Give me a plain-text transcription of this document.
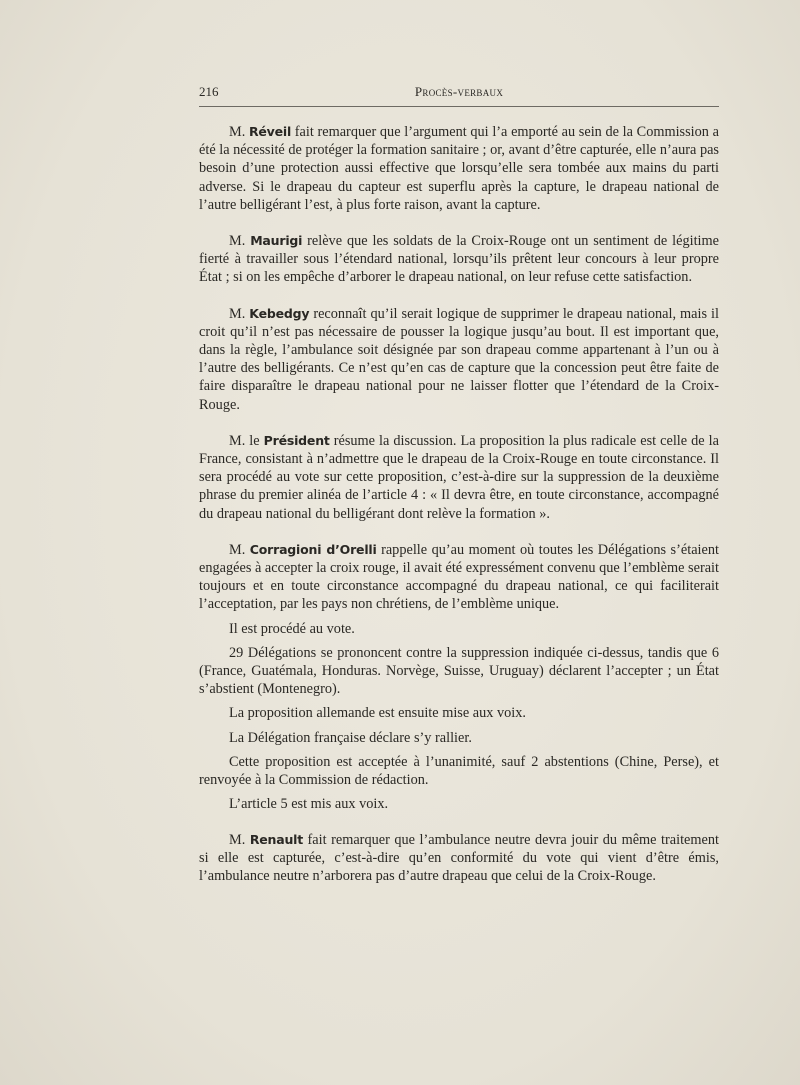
216	Procès-verbaux

M. Réveil fait remarquer que l’argument qui l’a emporté au sein de la Commission a été la nécessité de protéger la formation sanitaire ; or, avant d’être capturée, elle n’aura pas besoin d’une protection aussi effective que lorsqu’elle sera tombée aux mains du parti adverse. Si le drapeau du capteur est superflu après la capture, le drapeau national de l’autre belligérant l’est, à plus forte raison, avant la capture.

M. Maurigi relève que les soldats de la Croix-Rouge ont un sentiment de légitime fierté à travailler sous l’étendard national, lorsqu’ils prêtent leur concours à leur propre État ; si on les empêche d’arborer le drapeau national, on leur refuse cette satisfaction.

M. Kebedgy reconnaît qu’il serait logique de supprimer le drapeau national, mais il croit qu’il n’est pas nécessaire de pousser la logique jusqu’au bout. Il est important que, dans la règle, l’ambulance soit désignée par son drapeau comme appartenant à l’un ou à l’autre des belligérants. Ce n’est qu’en cas de capture que la concession peut être faite de faire disparaître le drapeau national pour ne laisser flotter que l’étendard de la Croix-Rouge.

M. le Président résume la discussion. La proposition la plus radicale est celle de la France, consistant à n’admettre que le drapeau de la Croix-Rouge en toute circonstance. Il sera procédé au vote sur cette proposition, c’est-à-dire sur la suppression de la deuxième phrase du premier alinéa de l’article 4 : « Il devra être, en toute circonstance, accompagné du drapeau national du belligérant dont relève la formation ».

M. Corragioni d’Orelli rappelle qu’au moment où toutes les Délégations s’étaient engagées à accepter la croix rouge, il avait été expressément convenu que l’emblème serait toujours et en toute circonstance accompagné du drapeau national, ce qui faciliterait l’acceptation, par les pays non chrétiens, de l’emblème unique.

Il est procédé au vote.

29 Délégations se prononcent contre la suppression indiquée ci-dessus, tandis que 6 (France, Guatémala, Honduras. Norvège, Suisse, Uruguay) déclarent l’accepter ; un État s’abstient (Montenegro).

La proposition allemande est ensuite mise aux voix.

La Délégation française déclare s’y rallier.

Cette proposition est acceptée à l’unanimité, sauf 2 abstentions (Chine, Perse), et renvoyée à la Commission de rédaction.

L’article 5 est mis aux voix.

M. Renault fait remarquer que l’ambulance neutre devra jouir du même traitement si elle est capturée, c’est-à-dire qu’en conformité du vote qui vient d’être émis, l’ambulance neutre n’arborera pas d’autre drapeau que celui de la Croix-Rouge.
